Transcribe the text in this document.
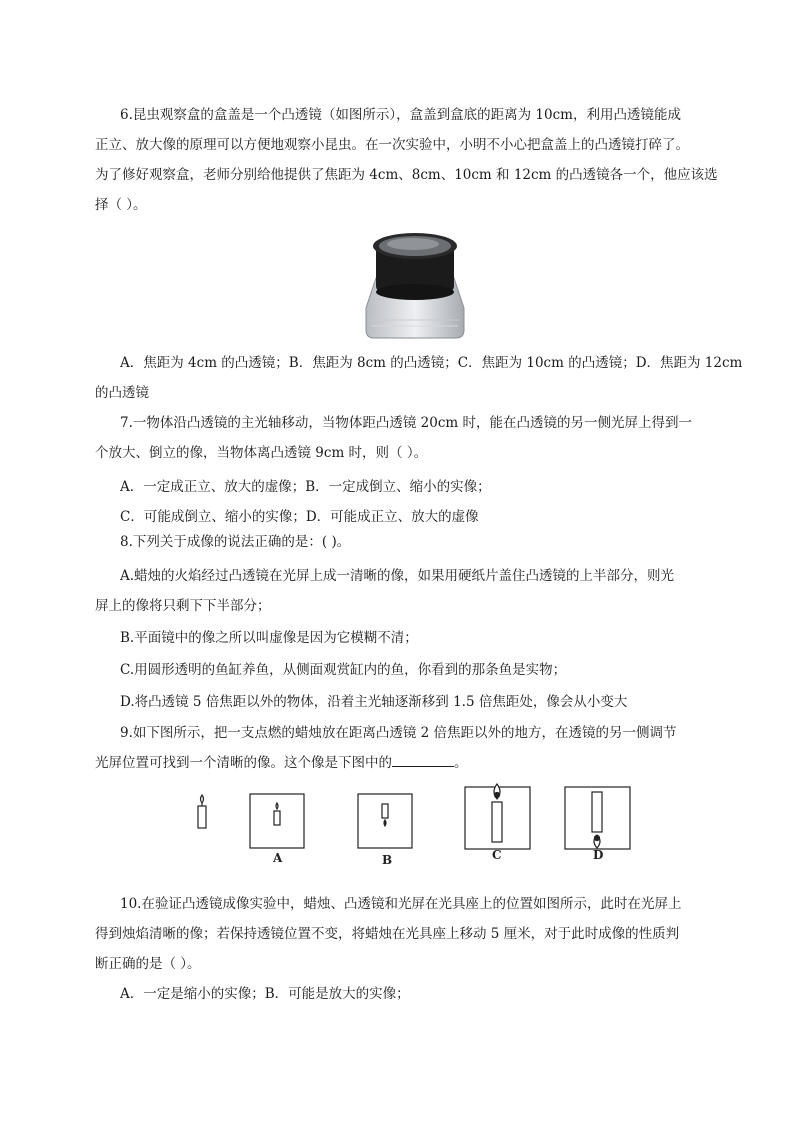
6.昆虫观察盒的盒盖是一个凸透镜（如图所示），盒盖到盒底的距离为 10cm，利用凸透镜能成
正立、放大像的原理可以方便地观察小昆虫。在一次实验中，小明不小心把盒盖上的凸透镜打碎了。
为了修好观察盒，老师分别给他提供了焦距为 4cm、8cm、10cm 和 12cm 的凸透镜各一个，他应该选
择（ ）。
A．焦距为 4cm 的凸透镜；B．焦距为 8cm 的凸透镜；C．焦距为 10cm 的凸透镜；D．焦距为 12cm
的凸透镜
7.一物体沿凸透镜的主光轴移动，当物体距凸透镜 20cm 时，能在凸透镜的另一侧光屏上得到一
个放大、倒立的像，当物体离凸透镜 9cm 时，则（ ）。
A．一定成正立、放大的虚像；B．一定成倒立、缩小的实像；
C．可能成倒立、缩小的实像；D．可能成正立、放大的虚像
8.下列关于成像的说法正确的是：( )。
A.蜡烛的火焰经过凸透镜在光屏上成一清晰的像，如果用硬纸片盖住凸透镜的上半部分，则光
屏上的像将只剩下下半部分；
B.平面镜中的像之所以叫虚像是因为它模糊不清；
C.用圆形透明的鱼缸养鱼，从侧面观赏缸内的鱼，你看到的那条鱼是实物；
D.将凸透镜 5 倍焦距以外的物体，沿着主光轴逐渐移到 1.5 倍焦距处，像会从小变大
9.如下图所示，把一支点燃的蜡烛放在距离凸透镜 2 倍焦距以外的地方，在透镜的另一侧调节
光屏位置可找到一个清晰的像。这个像是下图中的	。
A	B	C	D
10.在验证凸透镜成像实验中，蜡烛、凸透镜和光屏在光具座上的位置如图所示，此时在光屏上
得到烛焰清晰的像；若保持透镜位置不变，将蜡烛在光具座上移动 5 厘米，对于此时成像的性质判
断正确的是（ ）。
A．一定是缩小的实像；B．可能是放大的实像；
